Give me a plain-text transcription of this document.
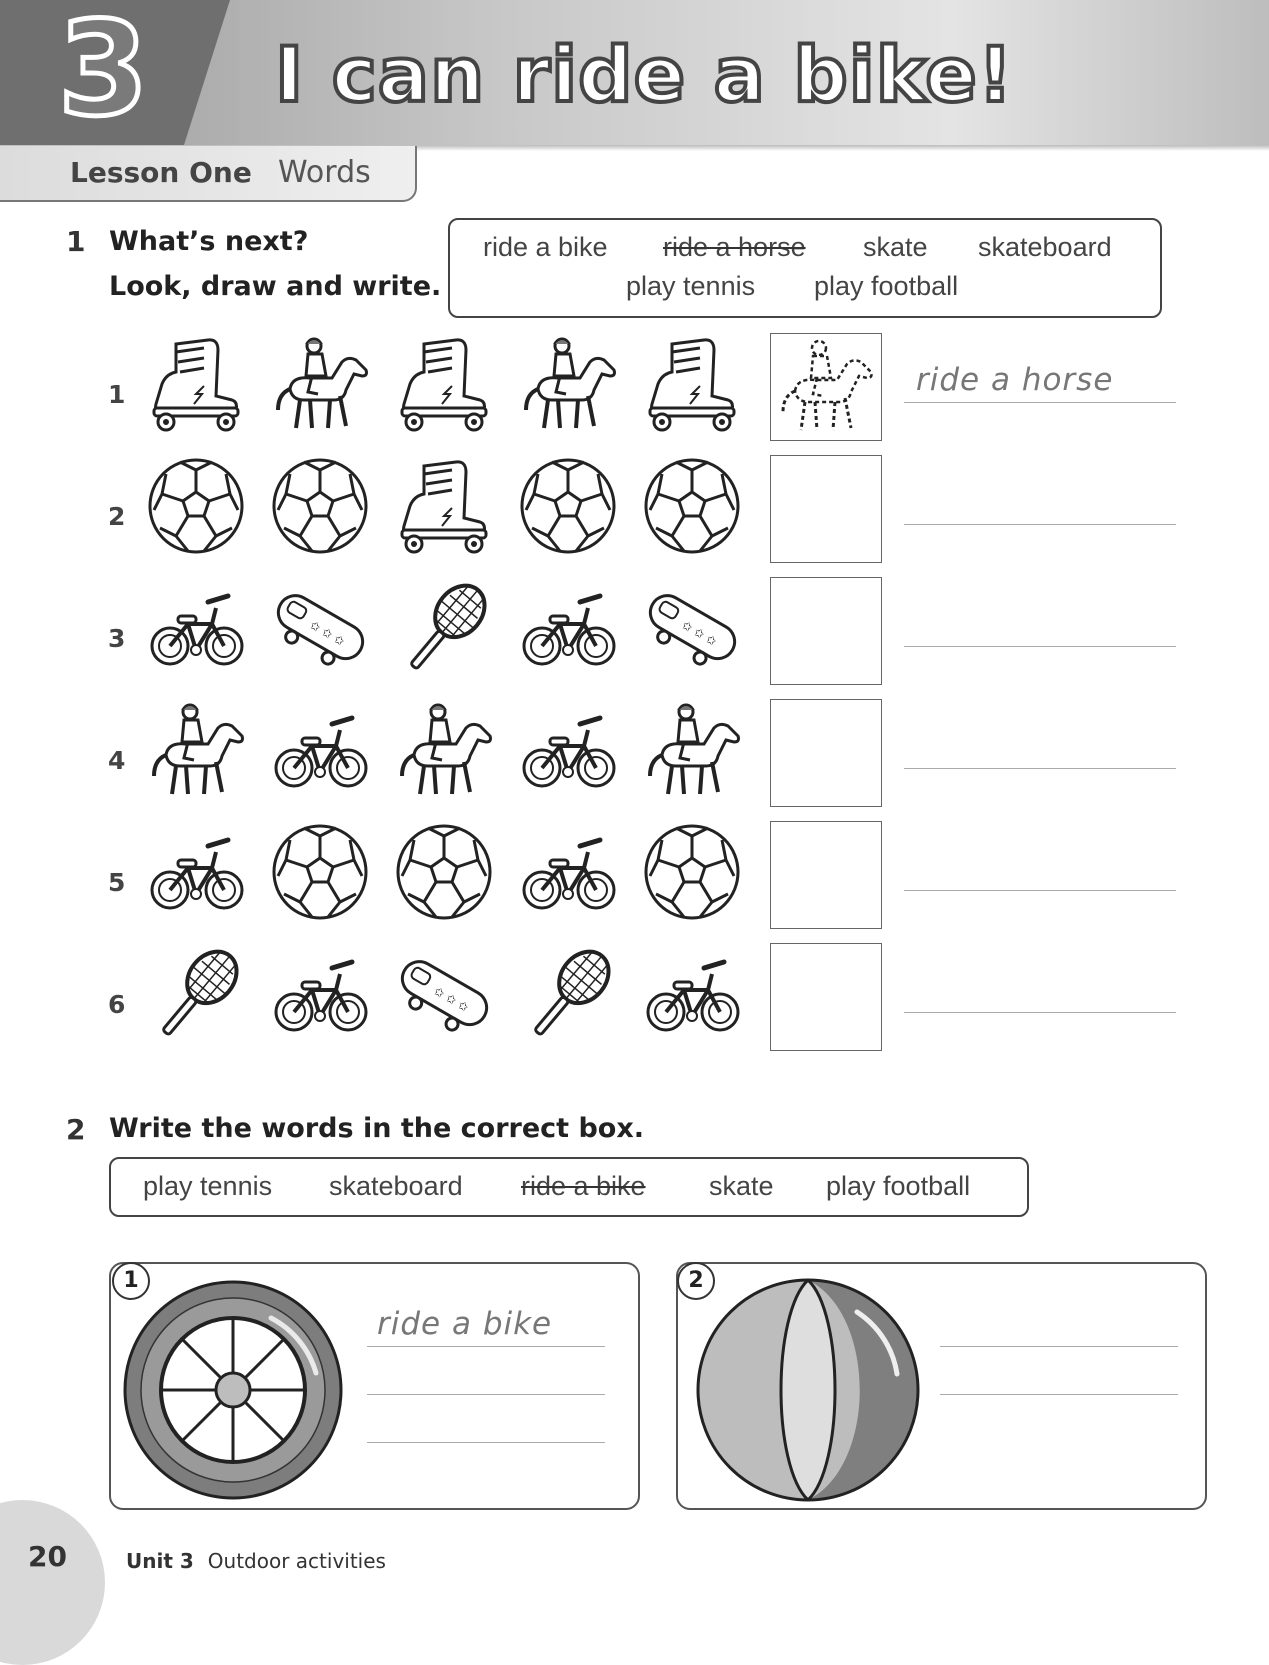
3 I can ride a bike!
Lesson One Words
1 What’s next?
Look, draw and write.
ride a bike ride a horse skate skateboard
play tennis play football
1	ride a horse
2
3	✩ ✩ ✩	✩ ✩ ✩
4
5
6	✩ ✩ ✩
2 Write the words in the correct box.
play tennis skateboard ride a bike skate play football
ride a bike
1	2
20	Unit 3 Outdoor activities
